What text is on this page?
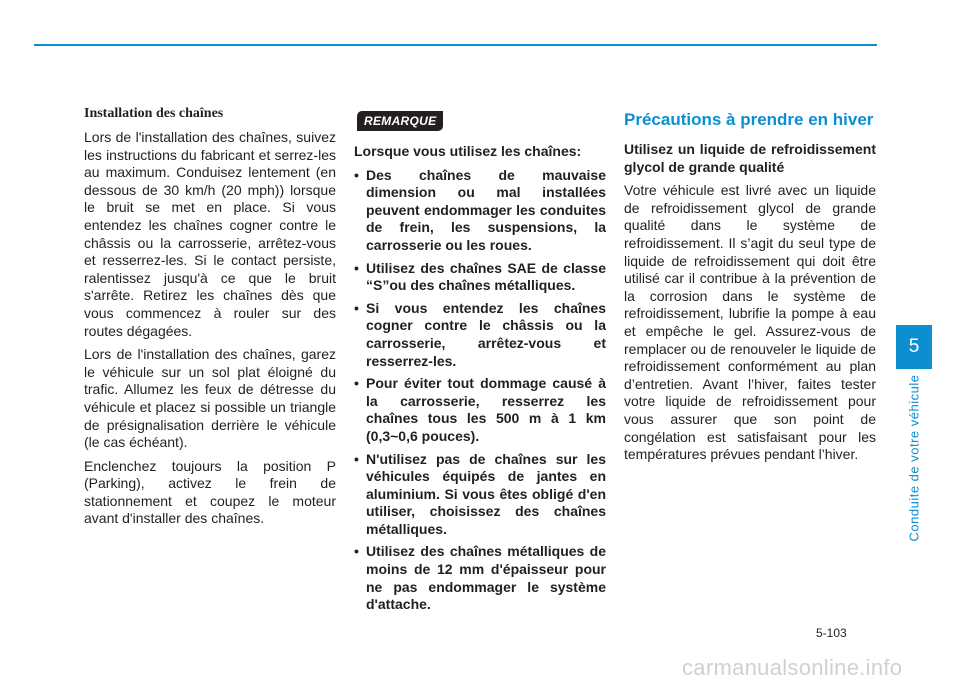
Installation des chaînes

Lors de l'installation des chaînes, suivez les instructions du fabricant et serrez-les au maximum. Conduisez lentement (en dessous de 30 km/h (20 mph)) lorsque le bruit se met en place. Si vous entendez les chaînes cogner contre le châssis ou la carrosserie, arrêtez-vous et resserrez-les. Si le contact persiste, ralentissez jusqu'à ce que le bruit s'arrête. Retirez les chaînes dès que vous commencez à rouler sur des routes dégagées.

Lors de l'installation des chaînes, garez le véhicule sur un sol plat éloigné du trafic. Allumez les feux de détresse du véhicule et placez si possible un triangle de présignalisation derrière le véhicule (le cas échéant).

Enclenchez toujours la position P (Parking), activez le frein de stationnement et coupez le moteur avant d'installer des chaînes.

REMARQUE

Lorsque vous utilisez les chaînes:

• Des chaînes de mauvaise dimension ou mal installées peuvent endommager les conduites de frein, les suspensions, la carrosserie ou les roues.
• Utilisez des chaînes SAE de classe “S”ou des chaînes métalliques.
• Si vous entendez les chaînes cogner contre le châssis ou la carrosserie, arrêtez-vous et resserrez-les.
• Pour éviter tout dommage causé à la carrosserie, resserrez les chaînes tous les 500 m à 1 km (0,3~0,6 pouces).
• N'utilisez pas de chaînes sur les véhicules équipés de jantes en aluminium. Si vous êtes obligé d'en utiliser, choisissez des chaînes métalliques.
• Utilisez des chaînes métalliques de moins de 12 mm d'épaisseur pour ne pas endommager le système d'attache.
Précautions à prendre en hiver

Utilisez un liquide de refroidissement glycol de grande qualité

Votre véhicule est livré avec un liquide de refroidissement glycol de grande qualité dans le système de refroidissement. Il s’agit du seul type de liquide de refroidissement qui doit être utilisé car il contribue à la prévention de la corrosion dans le système de refroidissement, lubrifie la pompe à eau et empêche le gel. Assurez-vous de remplacer ou de renouveler le liquide de refroidissement conformément au plan d’entretien. Avant l’hiver, faites tester votre liquide de refroidissement pour vous assurer que son point de congélation est satisfaisant pour les températures prévues pendant l’hiver.

5
Conduite de votre véhicule
5-103
carmanualsonline.info
